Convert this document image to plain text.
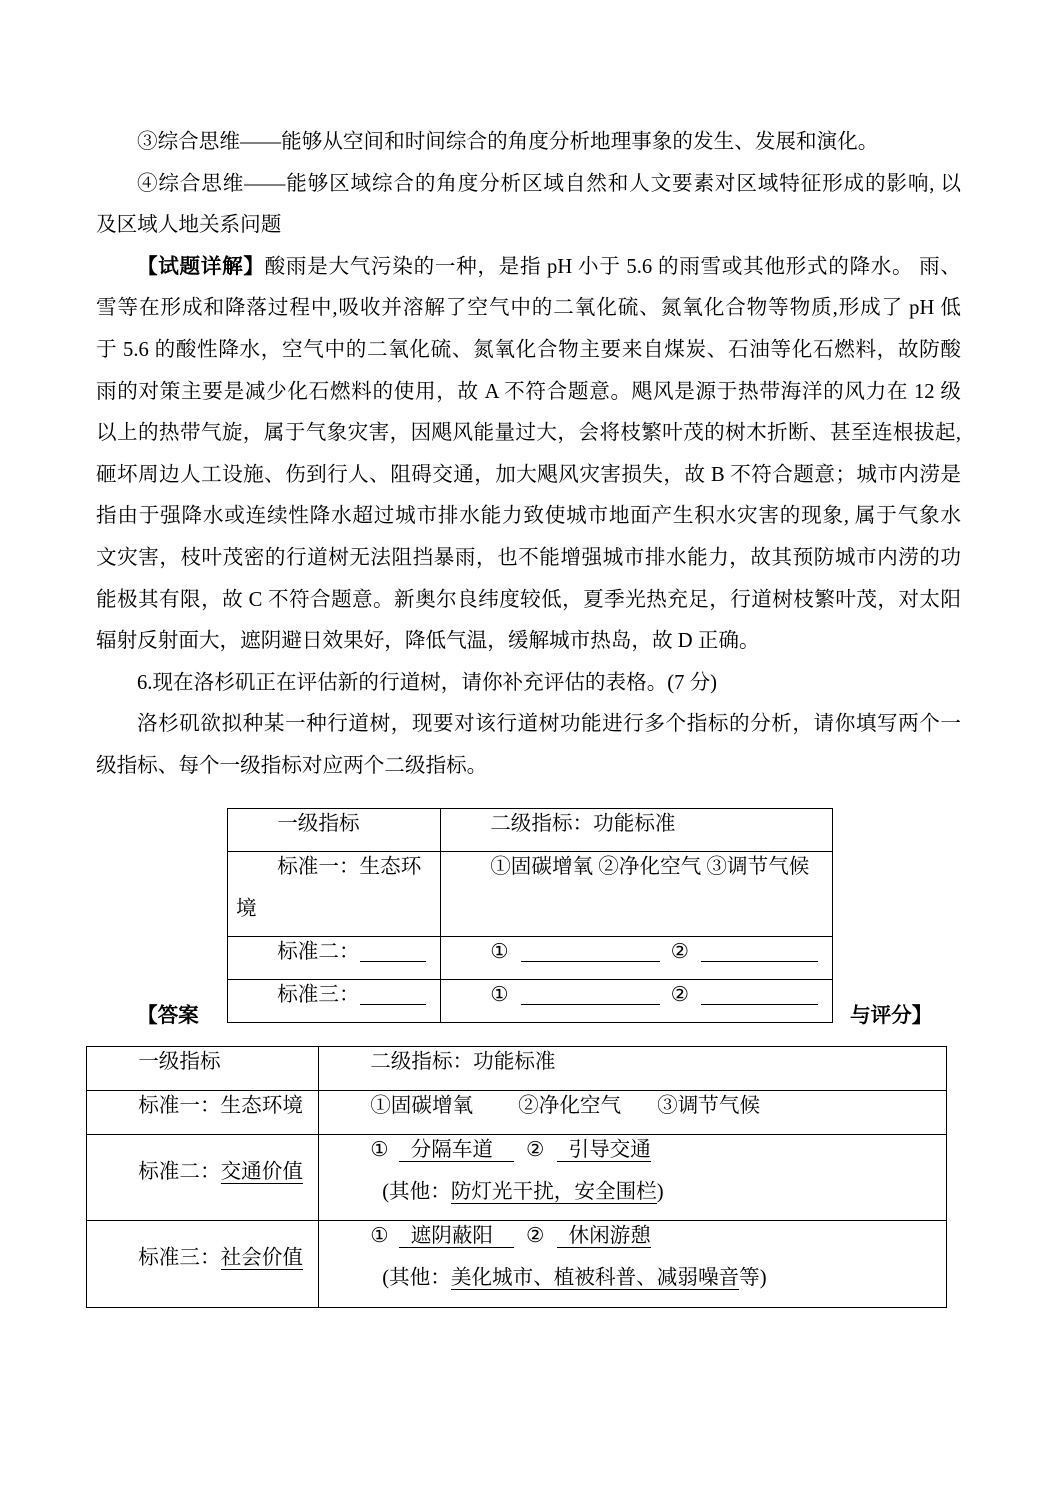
③综合思维——能够从空间和时间综合的角度分析地理事象的发生、发展和演化。
④综合思维——能够区域综合的角度分析区域自然和人文要素对区域特征形成的影响, 以
及区域人地关系问题
【试题详解】酸雨是大气污染的一种，是指 pH 小于 5.6 的雨雪或其他形式的降水。 雨、
雪等在形成和降落过程中,吸收并溶解了空气中的二氧化硫、氮氧化合物等物质,形成了 pH 低
于 5.6 的酸性降水，空气中的二氧化硫、氮氧化合物主要来自煤炭、石油等化石燃料，故防酸
雨的对策主要是减少化石燃料的使用，故 A 不符合题意。飓风是源于热带海洋的风力在 12 级
以上的热带气旋，属于气象灾害，因飓风能量过大，会将枝繁叶茂的树木折断、甚至连根拔起,
砸坏周边人工设施、伤到行人、阻碍交通，加大飓风灾害损失，故 B 不符合题意；城市内涝是
指由于强降水或连续性降水超过城市排水能力致使城市地面产生积水灾害的现象, 属于气象水
文灾害，枝叶茂密的行道树无法阻挡暴雨，也不能增强城市排水能力，故其预防城市内涝的功
能极其有限，故 C 不符合题意。新奥尔良纬度较低，夏季光热充足，行道树枝繁叶茂，对太阳
辐射反射面大，遮阴避日效果好，降低气温，缓解城市热岛，故 D 正确。
6.现在洛杉矶正在评估新的行道树，请你补充评估的表格。(7 分)
洛杉矶欲拟种某一种行道树，现要对该行道树功能进行多个指标的分析，请你填写两个一
级指标、每个一级指标对应两个二级指标。
一级指标	二级指标：功能标准

标准一：生态环境	①固碳增氧 ②净化空气 ③调节气候

标准二：	① ②

标准三：	① ②
【答案	与评分】
一级指标	二级指标：功能标准

标准一：生态环境	①固碳增氧 ②净化空气 ③调节气候

标准二：交通价值	① 分隔车道 ② 引导交通
(其他：防灯光干扰，安全围栏)

标准三：社会价值	① 遮阴蔽阳 ② 休闲游憩
(其他：美化城市、植被科普、减弱噪音等)
